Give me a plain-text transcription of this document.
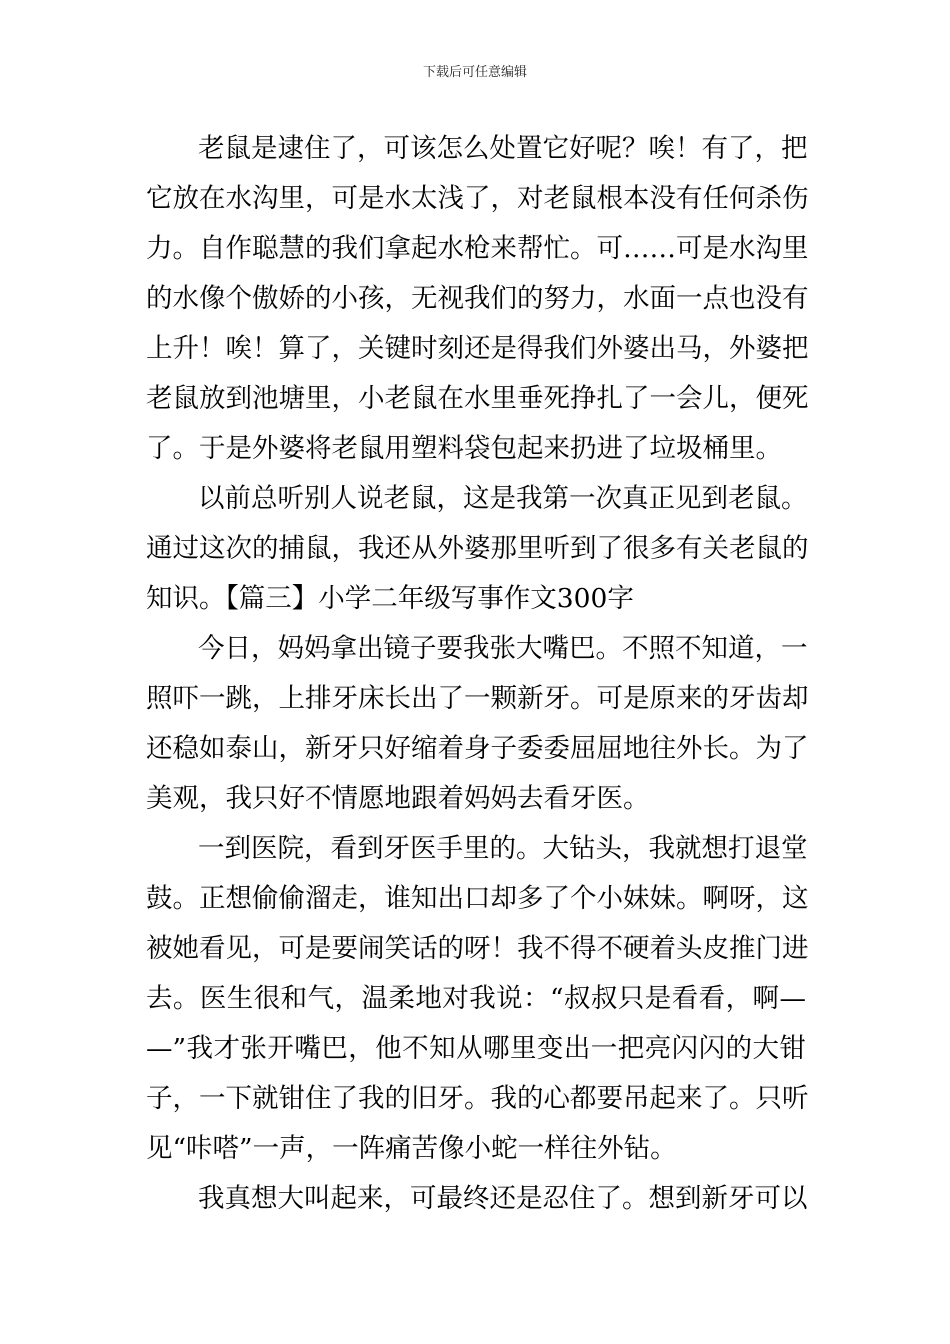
下载后可任意编辑
老鼠是逮住了，可该怎么处置它好呢？唉！有了，把
它放在水沟里，可是水太浅了，对老鼠根本没有任何杀伤
力。自作聪慧的我们拿起水枪来帮忙。可……可是水沟里
的水像个傲娇的小孩，无视我们的努力，水面一点也没有
上升！唉！算了，关键时刻还是得我们外婆出马，外婆把
老鼠放到池塘里，小老鼠在水里垂死挣扎了一会儿，便死
了。于是外婆将老鼠用塑料袋包起来扔进了垃圾桶里。
以前总听别人说老鼠，这是我第一次真正见到老鼠。
通过这次的捕鼠，我还从外婆那里听到了很多有关老鼠的
知识。【篇三】小学二年级写事作文300字
今日，妈妈拿出镜子要我张大嘴巴。不照不知道，一
照吓一跳，上排牙床长出了一颗新牙。可是原来的牙齿却
还稳如泰山，新牙只好缩着身子委委屈屈地往外长。为了
美观，我只好不情愿地跟着妈妈去看牙医。
一到医院，看到牙医手里的。大钻头，我就想打退堂
鼓。正想偷偷溜走，谁知出口却多了个小妹妹。啊呀，这
被她看见，可是要闹笑话的呀！我不得不硬着头皮推门进
去。医生很和气，温柔地对我说：“叔叔只是看看，啊—
—”我才张开嘴巴，他不知从哪里变出一把亮闪闪的大钳
子，一下就钳住了我的旧牙。我的心都要吊起来了。只听
见“咔嗒”一声，一阵痛苦像小蛇一样往外钻。
我真想大叫起来，可最终还是忍住了。想到新牙可以
